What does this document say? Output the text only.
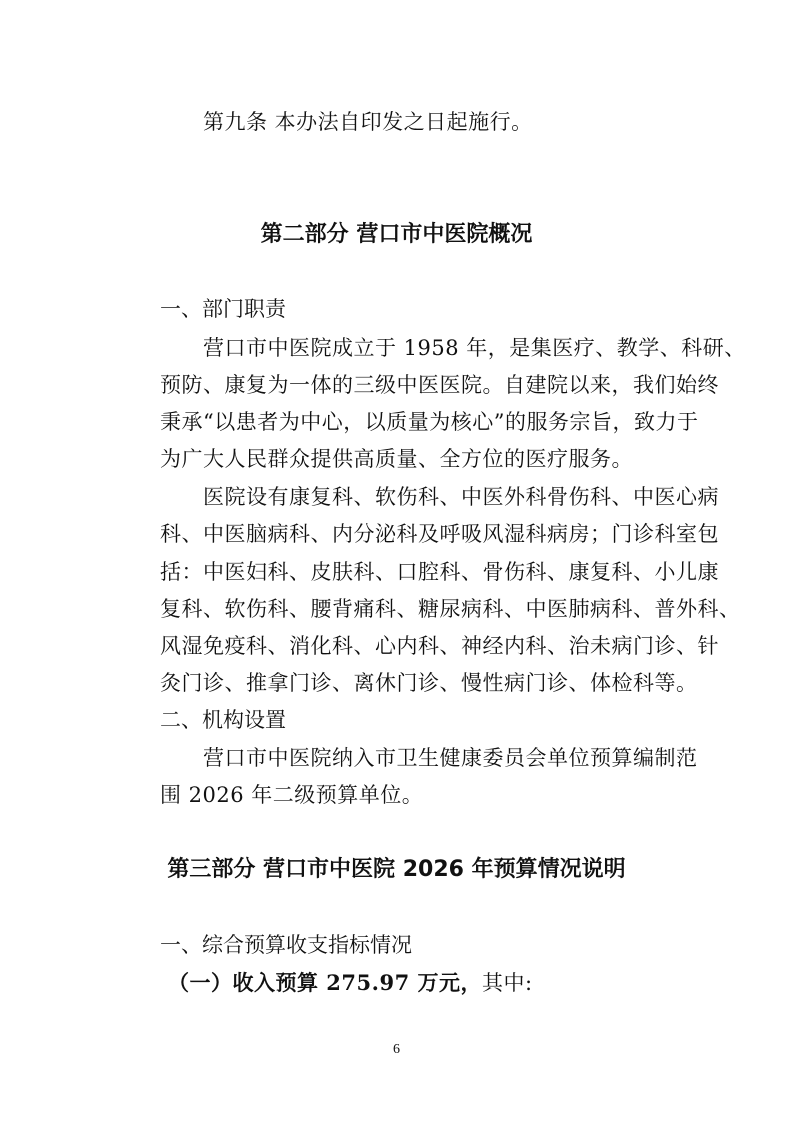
第九条 本办法自印发之日起施行。
第二部分 营口市中医院概况
一、部门职责
营口市中医院成立于 1958 年，是集医疗、教学、科研、
预防、康复为一体的三级中医医院。自建院以来，我们始终
秉承“以患者为中心，以质量为核心”的服务宗旨，致力于
为广大人民群众提供高质量、全方位的医疗服务。
医院设有康复科、软伤科、中医外科骨伤科、中医心病
科、中医脑病科、内分泌科及呼吸风湿科病房；门诊科室包
括：中医妇科、皮肤科、口腔科、骨伤科、康复科、小儿康
复科、软伤科、腰背痛科、糖尿病科、中医肺病科、普外科、
风湿免疫科、消化科、心内科、神经内科、治未病门诊、针
灸门诊、推拿门诊、离休门诊、慢性病门诊、体检科等。
二、机构设置
营口市中医院纳入市卫生健康委员会单位预算编制范
围 2026 年二级预算单位。
第三部分 营口市中医院 2026 年预算情况说明
一、综合预算收支指标情况
（一）收入预算 275.97 万元，其中:
6
